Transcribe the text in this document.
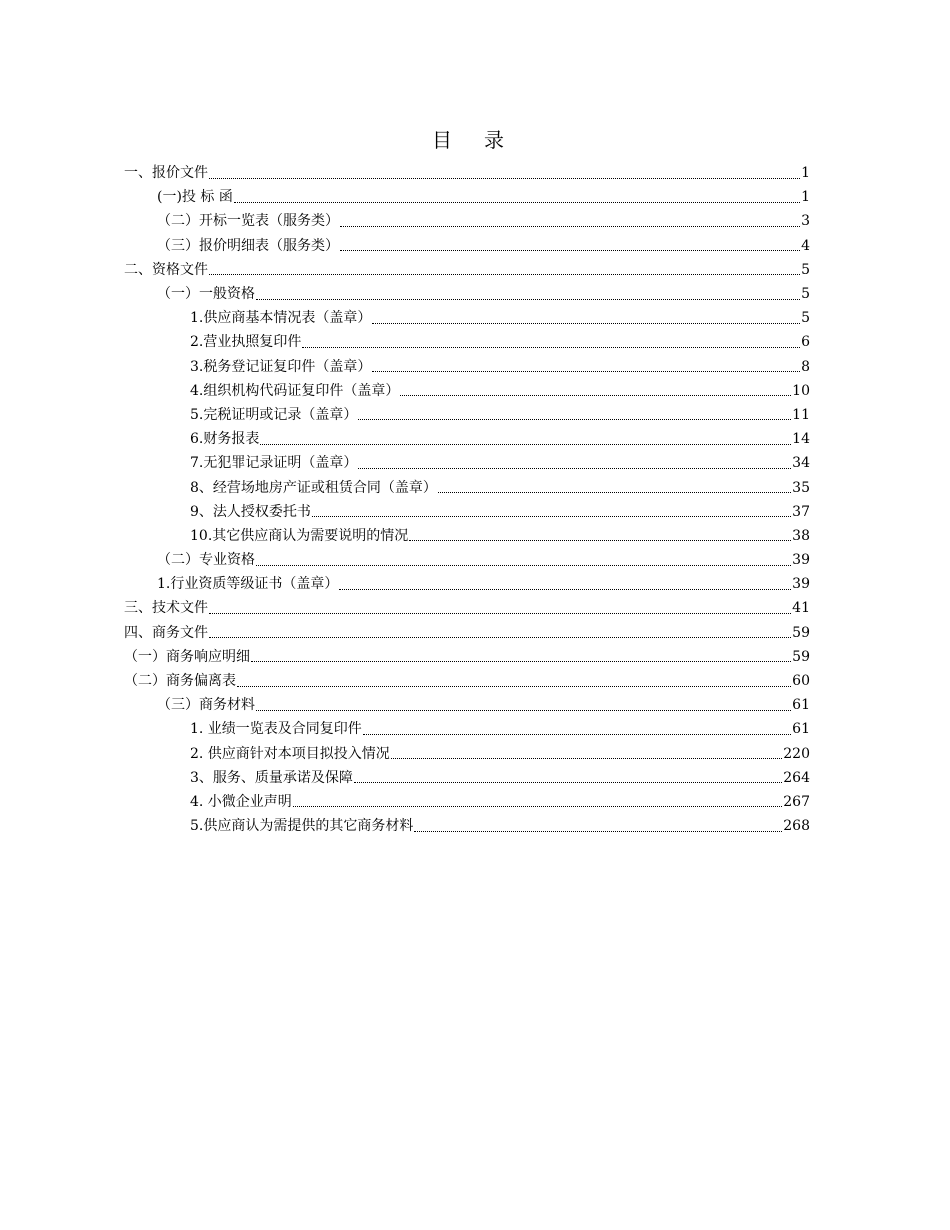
目 录
一、报价文件	1
(一)投 标 函	1
（二）开标一览表（服务类）	3
（三）报价明细表（服务类）	4
二、资格文件	5
（一）一般资格	5
1.供应商基本情况表（盖章）	5
2.营业执照复印件	6
3.税务登记证复印件（盖章）	8
4.组织机构代码证复印件（盖章）	10
5.完税证明或记录（盖章）	11
6.财务报表	14
7.无犯罪记录证明（盖章）	34
8、经营场地房产证或租赁合同（盖章）	35
9、法人授权委托书	37
10.其它供应商认为需要说明的情况	38
（二）专业资格	39
1.行业资质等级证书（盖章）	39
三、技术文件	41
四、商务文件	59
（一）商务响应明细	59
（二）商务偏离表	60
（三）商务材料	61
1. 业绩一览表及合同复印件	61
2. 供应商针对本项目拟投入情况	220
3、服务、质量承诺及保障	264
4. 小微企业声明	267
5.供应商认为需提供的其它商务材料	268
